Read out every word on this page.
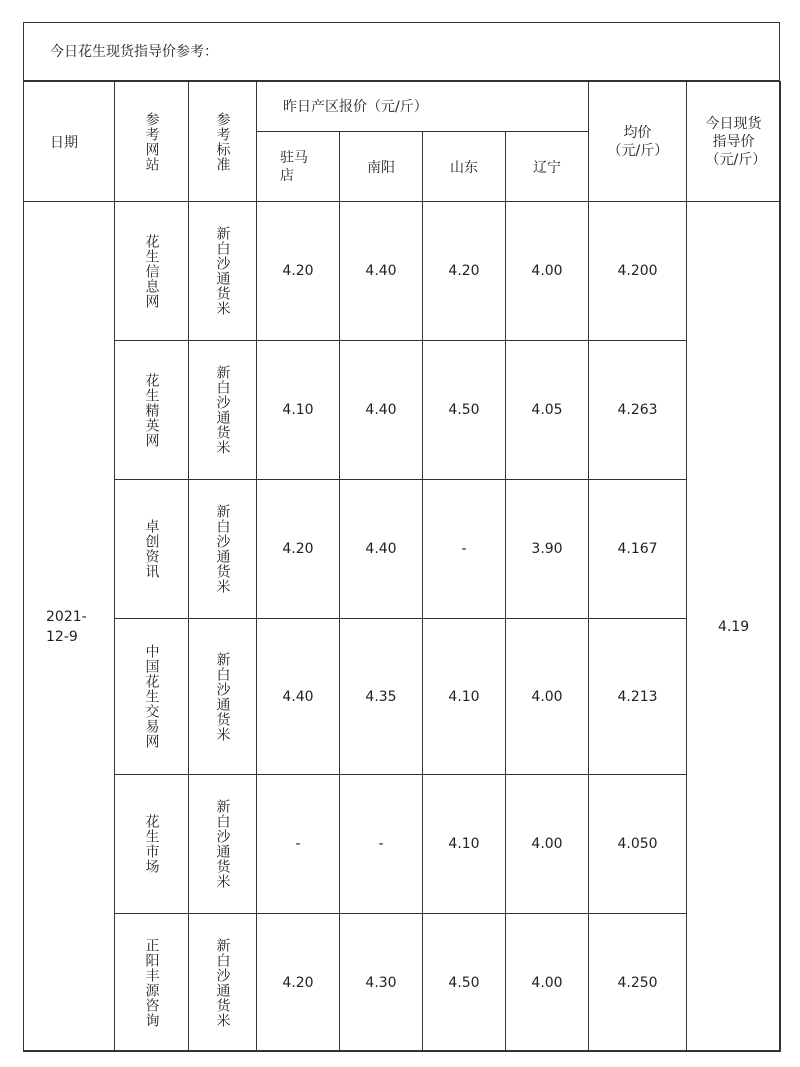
今日花生现货指导价参考：
日期	参考网站	参考标准	昨日产区报价（元/斤）				均价（元/斤）	今日现货指导价（元/斤）

			驻马店	南阳	山东	辽宁		

2021-12-9	花生信息网	新白沙通货米	4.20	4.40	4.20	4.00	4.200	4.19

	花生精英网	新白沙通货米	4.10	4.40	4.50	4.05	4.263	

	卓创资讯	新白沙通货米	4.20	4.40	-	3.90	4.167	

	中国花生交易网	新白沙通货米	4.40	4.35	4.10	4.00	4.213	

	花生市场	新白沙通货米	-	-	4.10	4.00	4.050	

	正阳丰源咨询	新白沙通货米	4.20	4.30	4.50	4.00	4.250	
